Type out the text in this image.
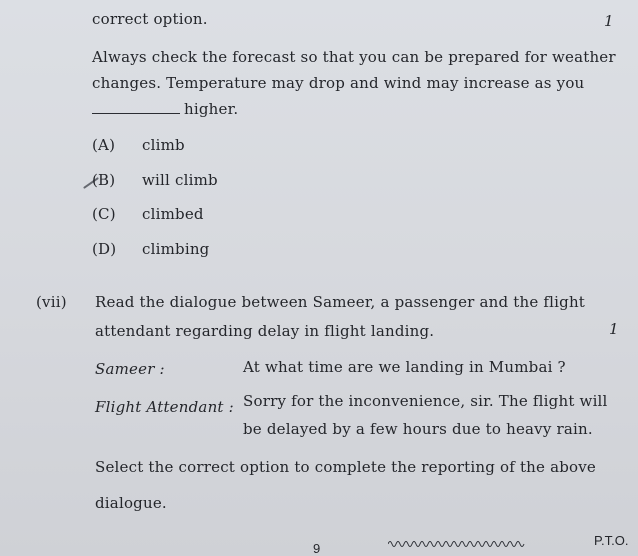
correct option.	1
Always check the forecast so that you can be prepared for weather
changes. Temperature may drop and wind may increase as you
higher.
(A) climb
(B) will climb
(C) climbed
(D) climbing
(vii) Read the dialogue between Sameer, a passenger and the flight
attendant regarding delay in flight landing.	1
Sameer :	At what time are we landing in Mumbai ?
Flight Attendant : Sorry for the inconvenience, sir. The flight will
be delayed by a few hours due to heavy rain.
Select the correct option to complete the reporting of the above
dialogue.
9
P.T.O.
